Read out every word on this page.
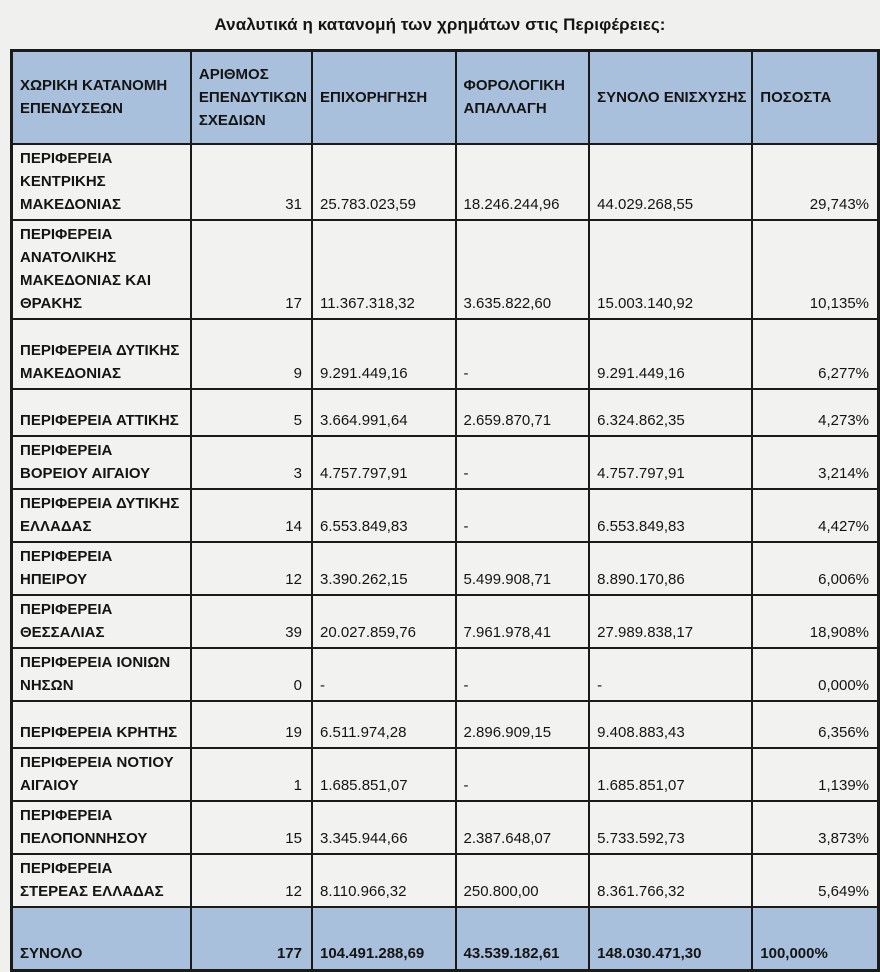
Αναλυτικά η κατανομή των χρημάτων στις Περιφέρειες:
ΧΩΡΙΚΗ ΚΑΤΑΝΟΜΗ ΕΠΕΝΔΥΣΕΩΝ	ΑΡΙΘΜΟΣ ΕΠΕΝΔΥΤΙΚΩΝ ΣΧΕΔΙΩΝ	ΕΠΙΧΟΡΗΓΗΣΗ	ΦΟΡΟΛΟΓΙΚΗ ΑΠΑΛΛΑΓΗ	ΣΥΝΟΛΟ ΕΝΙΣΧΥΣΗΣ	ΠΟΣΟΣΤΑ
ΠΕΡΙΦΕΡΕΙΑ ΚΕΝΤΡΙΚΗΣ ΜΑΚΕΔΟΝΙΑΣ	31	25.783.023,59	18.246.244,96	44.029.268,55	29,743%
ΠΕΡΙΦΕΡΕΙΑ ΑΝΑΤΟΛΙΚΗΣ ΜΑΚΕΔΟΝΙΑΣ ΚΑΙ ΘΡΑΚΗΣ	17	11.367.318,32	3.635.822,60	15.003.140,92	10,135%
ΠΕΡΙΦΕΡΕΙΑ ΔΥΤΙΚΗΣ ΜΑΚΕΔΟΝΙΑΣ	9	9.291.449,16	-	9.291.449,16	6,277%
ΠΕΡΙΦΕΡΕΙΑ ΑΤΤΙΚΗΣ	5	3.664.991,64	2.659.870,71	6.324.862,35	4,273%
ΠΕΡΙΦΕΡΕΙΑ ΒΟΡΕΙΟΥ ΑΙΓΑΙΟΥ	3	4.757.797,91	-	4.757.797,91	3,214%
ΠΕΡΙΦΕΡΕΙΑ ΔΥΤΙΚΗΣ ΕΛΛΑΔΑΣ	14	6.553.849,83	-	6.553.849,83	4,427%
ΠΕΡΙΦΕΡΕΙΑ ΗΠΕΙΡΟΥ	12	3.390.262,15	5.499.908,71	8.890.170,86	6,006%
ΠΕΡΙΦΕΡΕΙΑ ΘΕΣΣΑΛΙΑΣ	39	20.027.859,76	7.961.978,41	27.989.838,17	18,908%
ΠΕΡΙΦΕΡΕΙΑ ΙΟΝΙΩΝ ΝΗΣΩΝ	0	-	-	-	0,000%
ΠΕΡΙΦΕΡΕΙΑ ΚΡΗΤΗΣ	19	6.511.974,28	2.896.909,15	9.408.883,43	6,356%
ΠΕΡΙΦΕΡΕΙΑ ΝΟΤΙΟΥ ΑΙΓΑΙΟΥ	1	1.685.851,07	-	1.685.851,07	1,139%
ΠΕΡΙΦΕΡΕΙΑ ΠΕΛΟΠΟΝΝΗΣΟΥ	15	3.345.944,66	2.387.648,07	5.733.592,73	3,873%
ΠΕΡΙΦΕΡΕΙΑ ΣΤΕΡΕΑΣ ΕΛΛΑΔΑΣ	12	8.110.966,32	250.800,00	8.361.766,32	5,649%
ΣΥΝΟΛΟ	177	104.491.288,69	43.539.182,61	148.030.471,30	100,000%
